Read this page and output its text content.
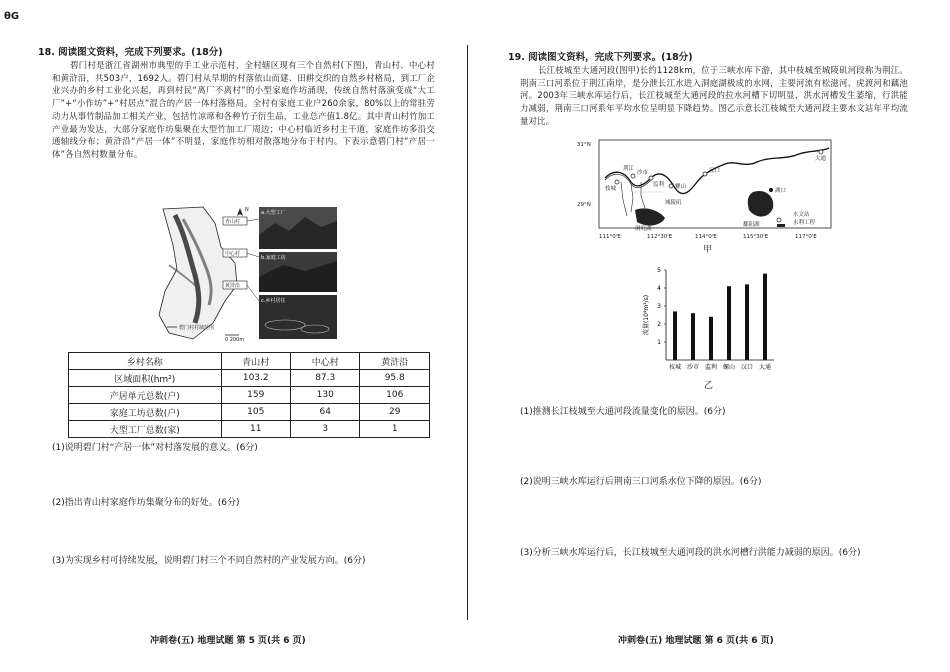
θG
18. 阅读图文资料，完成下列要求。(18分)
碧门村是浙江省湖州市典型的手工业示范村，全村辖区现有三个自然村(下图)，青山村、中心村和黄浒沿，共503户，1692人。碧门村从早期的村落依山而建、田耕交织的自然乡村格局，到工厂企业兴办的乡村工业化兴起，再到村民“离厂不离村”的小型家庭作坊涌现，传统自然村落演变成“大工厂”+“小作坊”+“村居点”混合的产居一体村落格局。全村有家庭工业户260余家，80%以上的常驻劳动力从事竹制品加工相关产业，包括竹凉席和各种竹子衍生品，工业总产值1.8亿。其中青山村竹加工产业最为发达，大部分家庭作坊集聚在大型竹加工厂周边；中心村临近乡村主干道，家庭作坊多沿交通轴线分布；黄浒沿“产居一体”不明显，家庭作坊相对散落地分布于村内。下表示意碧门村“产居一体”各自然村数量分布。
青山村
中心村
黄浒沿
碧门村村域范围
0 200m
N a.大型工厂
b.家庭工坊
c.乡村居住
乡村名称	青山村	中心村	黄浒沿
区域面积(hm²)	103.2	87.3	95.8
产居单元总数(户)	159	130	106
家庭工坊总数(户)	105	64	29
大型工厂总数(家)	11	3	1
(1)说明碧门村“产居一体”对村落发展的意义。(6分)
(2)指出青山村家庭作坊集聚分布的好处。(6分)
(3)为实现乡村可持续发展，说明碧门村三个不同自然村的产业发展方向。(6分)
冲刺卷(五) 地理试题 第 5 页(共 6 页)
19. 阅读图文资料，完成下列要求。(18分)
长江枝城至大通河段(图甲)长约1128km，位于三峡水库下游，其中枝城至城陵矶河段称为荆江。荆南三口河系位于荆江南岸，是分泄长江水进入洞庭湖极成的水网，主要河流有松滋河、虎渡河和藕池河。2003年三峡水库运行后，长江枝城至大通河段的拉水河槽下切明显，洪水河槽发生萎缩，行洪能力减弱，荆南三口河系年平均水位呈明显下降趋势。图乙示意长江枝城至大通河段主要水文站年平均流量对比。
(1)推测长江枝城至大通河段流量变化的原因。(6分)
(2)说明三峡水库运行后荆南三口河系水位下降的原因。(6分)
(3)分析三峡水库运行后，长江枝城至大通河段的洪水河槽行洪能力减弱的原因。(6分)
冲刺卷(五) 地理试题 第 6 页(共 6 页)
31°N
29°N
111°0'E	112°30'E	114°0'E	115°30'E	117°0'E
枝城
沙市
监利 螺山
汉口
大通
洞庭湖
鄱阳湖
城陵矶
湖口
荆江
水文站
水利工程
甲
1
2
3
4
5
流量(10⁴m³/s)
枝城 沙市 监利 螺山 汉口 大通
乙
